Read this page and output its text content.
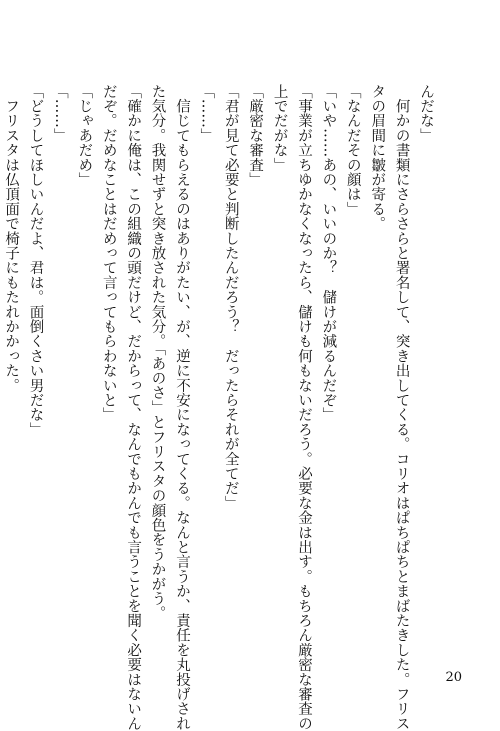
んだな」
　何かの書類にさらさらと署名して、突き出してくる。コリオはぱちぱちとまばたきした。フリス
タの眉間に皺が寄る。
「なんだその顔は」
「いや……あの、いいのか？　儲けが減るんだぞ」
「事業が立ちゆかなくなったら、儲けも何もないだろう。必要な金は出す。もちろん厳密な審査の
上でだがな」
「厳密な審査」
「君が見て必要と判断したんだろう？　だったらそれが全てだ」
「……」
　信じてもらえるのはありがたい、が、逆に不安になってくる。なんと言うか、責任を丸投げされ
た気分。我関せずと突き放された気分。「あのさ」とフリスタの顔色をうかがう。
「確かに俺は、この組織の頭だけど、だからって、なんでもかんでも言うことを聞く必要はないん
だぞ。だめなことはだめって言ってもらわないと」
「じゃあだめ」
「……」
「どうしてほしいんだよ、君は。面倒くさい男だな」
　フリスタは仏頂面で椅子にもたれかかった。
20
